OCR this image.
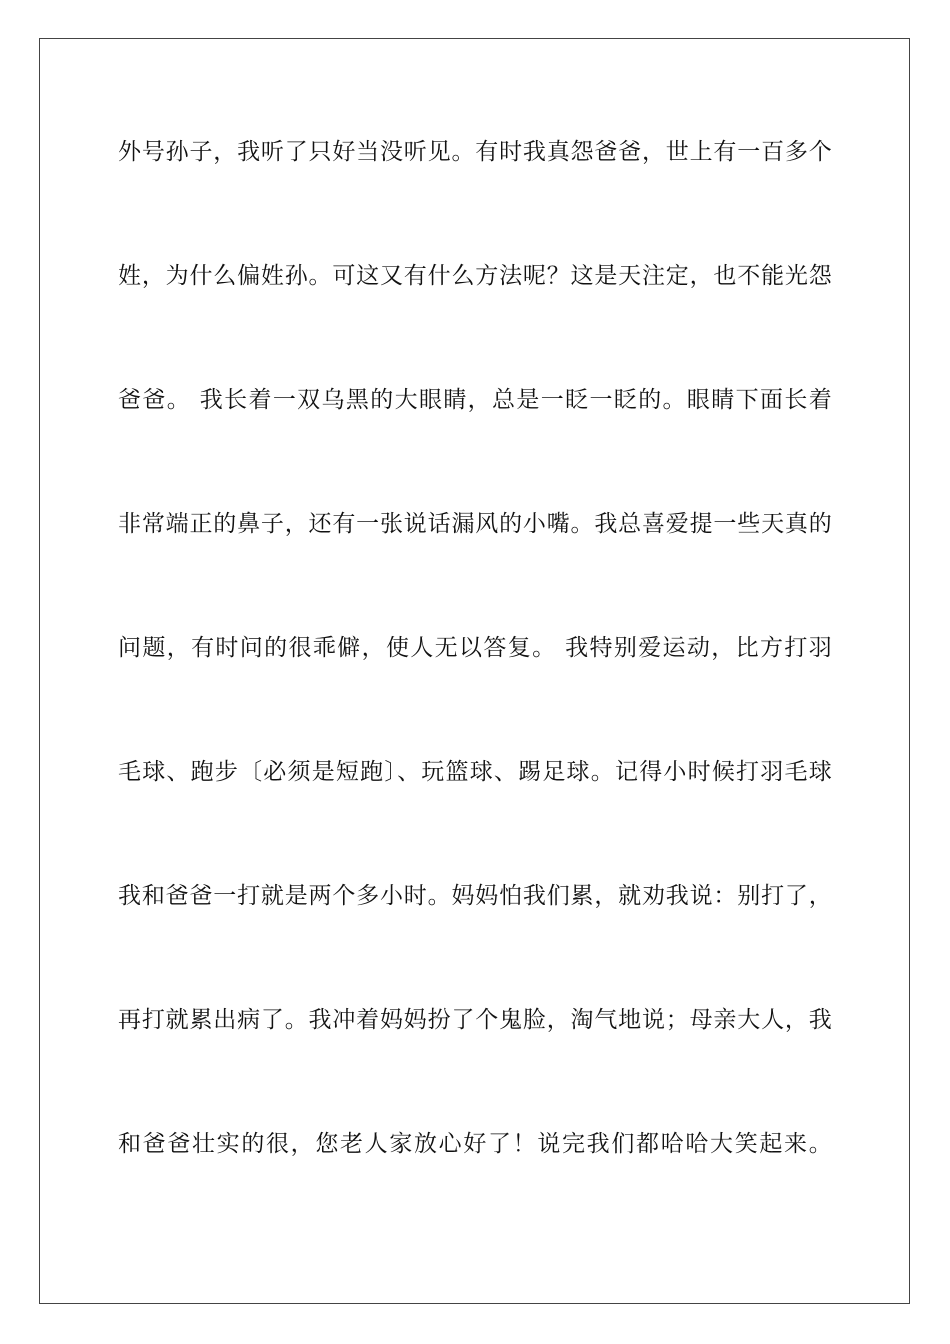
外号孙子，我听了只好当没听见。有时我真怨爸爸，世上有一百多个
姓，为什么偏姓孙。可这又有什么方法呢？这是天注定，也不能光怨
爸爸。 我长着一双乌黑的大眼睛，总是一眨一眨的。眼睛下面长着
非常端正的鼻子，还有一张说话漏风的小嘴。我总喜爱提一些天真的
问题，有时问的很乖僻，使人无以答复。 我特别爱运动，比方打羽
毛球、跑步〔必须是短跑〕、玩篮球、踢足球。记得小时候打羽毛球
我和爸爸一打就是两个多小时。妈妈怕我们累，就劝我说：别打了，
再打就累出病了。我冲着妈妈扮了个鬼脸，淘气地说；母亲大人，我
和爸爸壮实的很，您老人家放心好了！说完我们都哈哈大笑起来。
